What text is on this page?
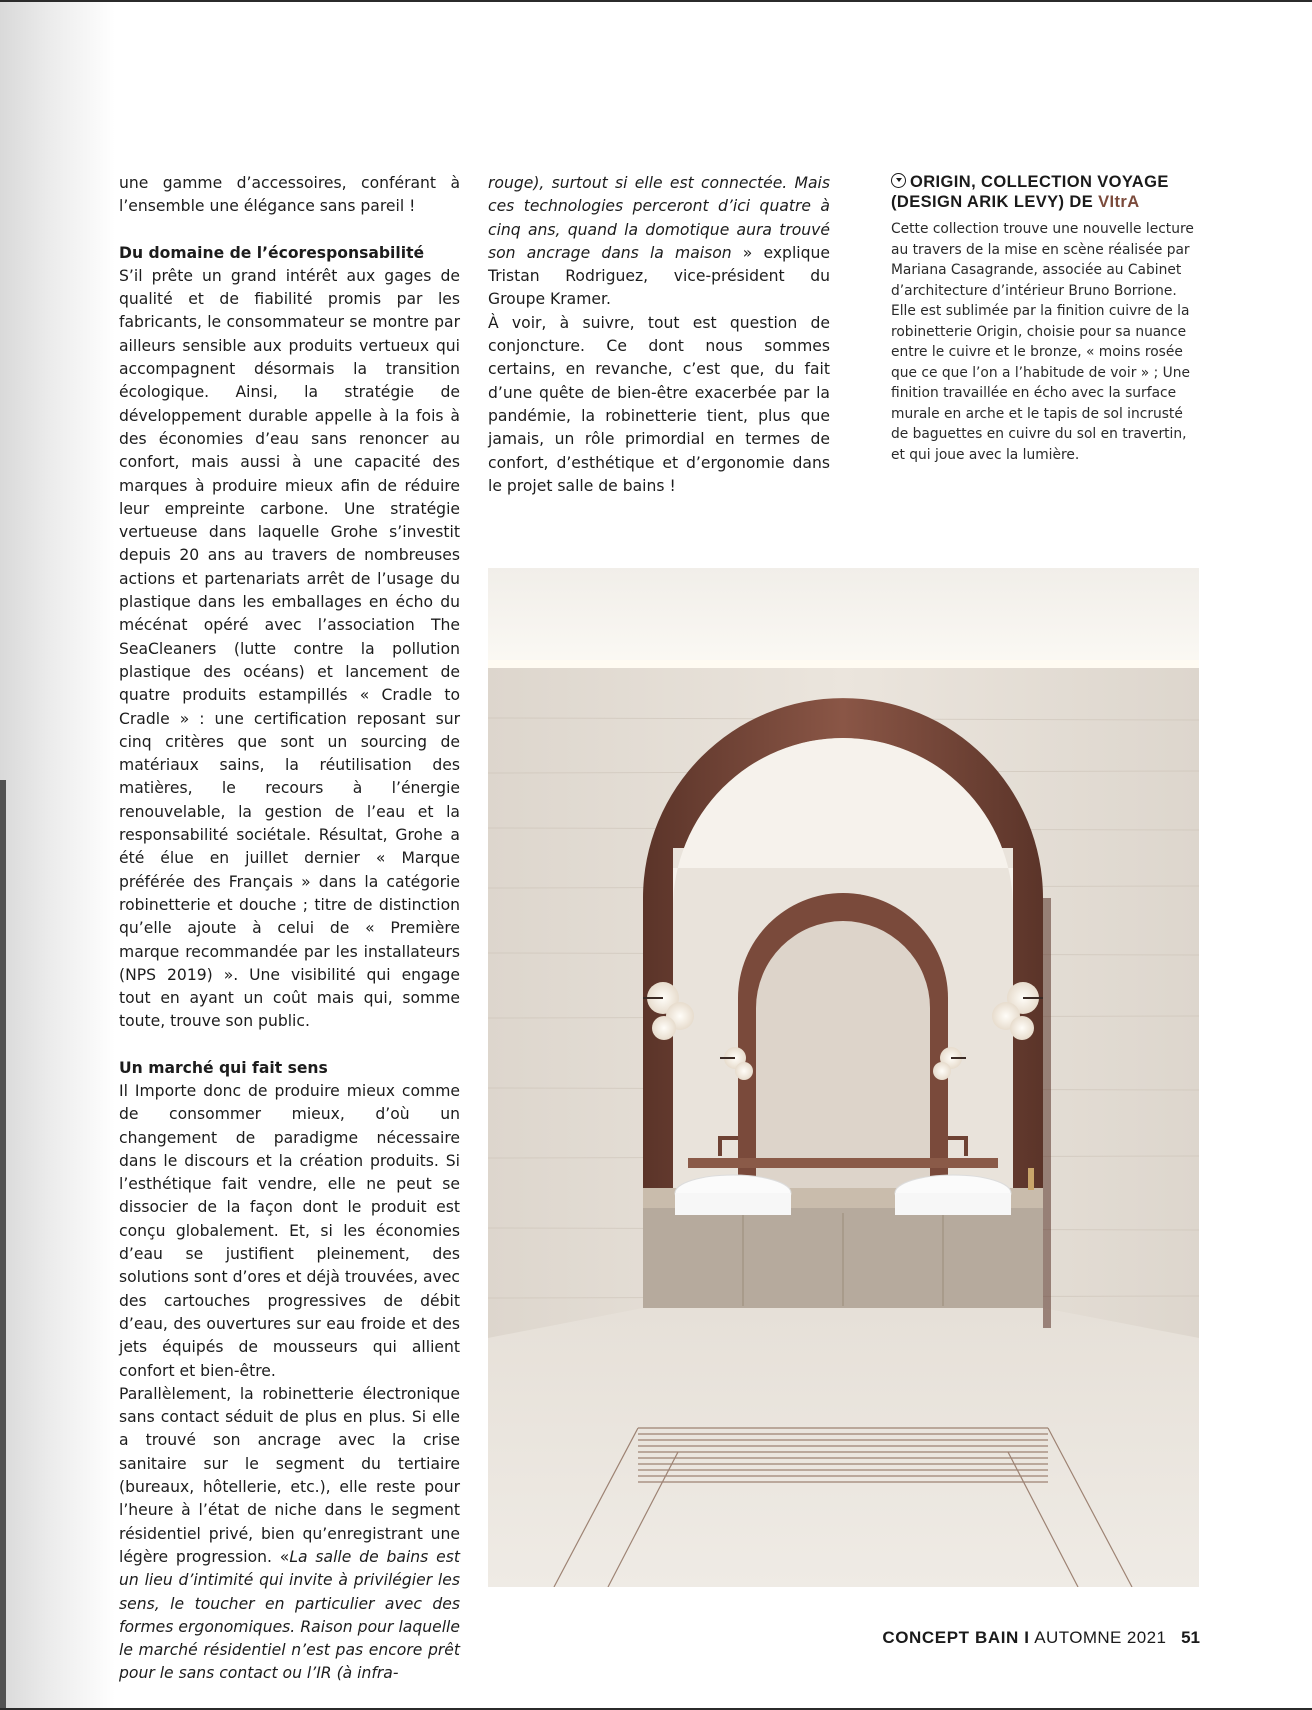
une gamme d’accessoires, conférant à l’ensemble une élégance sans pareil !

Du domaine de l’écoresponsabilité

S’il prête un grand intérêt aux gages de qualité et de fiabilité promis par les fabricants, le consommateur se montre par ailleurs sensible aux produits vertueux qui accompagnent désormais la transition écologique. Ainsi, la stratégie de développement durable appelle à la fois à des économies d’eau sans renoncer au confort, mais aussi à une capacité des marques à produire mieux afin de réduire leur empreinte carbone. Une stratégie vertueuse dans laquelle Grohe s’investit depuis 20 ans au travers de nombreuses actions et partenariats arrêt de l’usage du plastique dans les emballages en écho du mécénat opéré avec l’association The SeaCleaners (lutte contre la pollution plastique des océans) et lancement de quatre produits estampillés « Cradle to Cradle » : une certification reposant sur cinq critères que sont un sourcing de matériaux sains, la réutilisation des matières, le recours à l’énergie renouvelable, la gestion de l’eau et la responsabilité sociétale. Résultat, Grohe a été élue en juillet dernier « Marque préférée des Français » dans la catégorie robinetterie et douche ; titre de distinction qu’elle ajoute à celui de « Première marque recommandée par les installateurs (NPS 2019) ». Une visibilité qui engage tout en ayant un coût mais qui, somme toute, trouve son public.

Un marché qui fait sens

Il Importe donc de produire mieux comme de consommer mieux, d’où un changement de paradigme nécessaire dans le discours et la création produits. Si l’esthétique fait vendre, elle ne peut se dissocier de la façon dont le produit est conçu globalement. Et, si les économies d’eau se justifient pleinement, des solutions sont d’ores et déjà trouvées, avec des cartouches progressives de débit d’eau, des ouvertures sur eau froide et des jets équipés de mousseurs qui allient confort et bien-être.

Parallèlement, la robinetterie électronique sans contact séduit de plus en plus. Si elle a trouvé son ancrage avec la crise sanitaire sur le segment du tertiaire (bureaux, hôtellerie, etc.), elle reste pour l’heure à l’état de niche dans le segment résidentiel privé, bien qu’enregistrant une légère progression. «La salle de bains est un lieu d’intimité qui invite à privilégier les sens, le toucher en particulier avec des formes ergonomiques. Raison pour laquelle le marché résidentiel n’est pas encore prêt pour le sans contact ou l’IR (à infra-

rouge), surtout si elle est connectée. Mais ces technologies perceront d’ici quatre à cinq ans, quand la domotique aura trouvé son ancrage dans la maison » explique Tristan Rodriguez, vice-président du Groupe Kramer.

À voir, à suivre, tout est question de conjoncture. Ce dont nous sommes certains, en revanche, c’est que, du fait d’une quête de bien-être exacerbée par la pandémie, la robinetterie tient, plus que jamais, un rôle primordial en termes de confort, d’esthétique et d’ergonomie dans le projet salle de bains !

ORIGIN, COLLECTION VOYAGE (DESIGN ARIK LEVY) DE VItrA

Cette collection trouve une nouvelle lecture au travers de la mise en scène réalisée par Mariana Casagrande, associée au Cabinet d’architecture d’intérieur Bruno Borrione. Elle est sublimée par la finition cuivre de la robinetterie Origin, choisie pour sa nuance entre le cuivre et le bronze, « moins rosée que ce que l’on a l’habitude de voir » ; Une finition travaillée en écho avec la surface murale en arche et le tapis de sol incrusté de baguettes en cuivre du sol en travertin, et qui joue avec la lumière.

CONCEPT BAIN I AUTOMNE 2021 51
